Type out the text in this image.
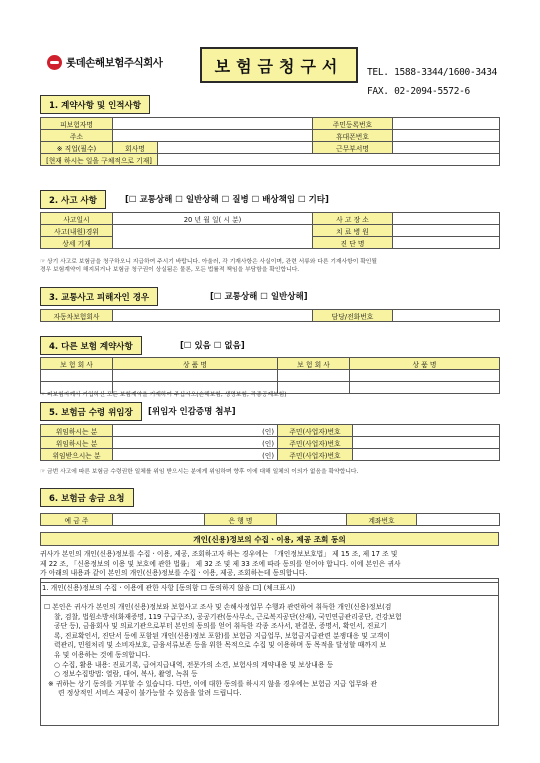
롯데손해보험주식회사	보험금청구서 TEL. 1588-3344/1600-3434
FAX. 02-2094-5572-6
1. 계약사항 및 인적사항
피보험자명			주민등록번호	
주소			휴대폰번호	
※ 직업(필수)	회사명		근무부서명	
[현재 하시는 일을 구체적으로 기재]				
2. 사고 사항	[☐ 교통상해 ☐ 일반상해 ☐ 질병 ☐ 배상책임 ☐ 기타]
사고일시	20 년 월 일( 시 분)	사 고 장 소	
사고(내원)경위		치 료 병 원	
상세 기재		진 단 명	
☞ 상기 사고로 보험금을 청구하오니 지급하여 주시기 바랍니다. 아울러, 각 기재사항은 사실이며, 관련 서류와 다른 기재사항이 확인될
경우 보험계약이 해지되거나 보험금 청구권이 상실됨은 물론, 모든 법률적 책임을 부담함을 확인합니다.
3. 교통사고 피해자인 경우	[☐ 교통상해 ☐ 일반상해]
자동차보험회사		담당/전화번호	
4. 다른 보험 계약사항	[☐ 있음 ☐ 없음]
보 험 회 사	상 품 명	보 험 회 사	상 품 명

☞ 피보험자께서 가입하신 모든 보험계약을 기재하여 주십시오(손해보험, 생명보험, 각종공제보험)
5. 보험금 수령 위임장	[위임자 인감증명 첨부]
위임하시는 분	(인)	주민(사업자)번호	
위임하시는 분	(인)	주민(사업자)번호	
위임받으시는 분	(인)	주민(사업자)번호	
☞ 금번 사고에 따른 보험금 수령권한 일체를 위임 받으시는 분에게 위임하며 향후 이에 대해 일체의 이의가 없음을 확약합니다.
6. 보험금 송금 요청
예 금 주		은 행 명		계좌번호	
개인(신용)정보의 수집ㆍ이용, 제공 조회 동의
귀사가 본인의 개인(신용)정보를 수집ㆍ이용, 제공, 조회하고자 하는 경우에는 「개인정보보호법」 제 15 조, 제 17 조 및
제 22 조, 「신용정보의 이용 및 보호에 관한 법률」 제 32 조 및 제 33 조에 따라 동의를 얻어야 합니다. 이에 본인은 귀사
가 아래의 내용과 같이 본인의 개인(신용)정보를 수집ㆍ이용, 제공, 조회하는데 동의합니다.
1. 개인(신용)정보의 수집ㆍ이용에 관한 사항 [동의함 ☐ 동의하지 않음 ☐] (체크표시)
☐ 본인은 귀사가 본인의 개인(신용)정보와 보험사고 조사 및 손해사정업무 수행과 관련하여 취득한 개인(신용)정보(검
찰, 검찰, 법원소방서(화재증명, 119 구급구조), 공공기관(동사무소, 근로복지공단(산재), 국민연금관리공단, 건강보험
공단 등), 금융회사 및 의료기관으로부터 본인의 동의를 얻어 취득한 각종 조사서, 판결문, 증명서, 확인서, 진료기
록, 진료확인서, 진단서 등에 포함된 개인(신용)정보 포함)를 보험금 지급업무, 보험금지급관련 분쟁대응 및 고객이
력관리, 민원처리 및 소비자보호, 금융서류보존 등을 위한 목적으로 수집 및 이용하며 동 목적을 달성할 때까지 보
유 및 이용하는 것에 동의합니다.
○ 수집, 활용 내용: 진료기록, 급여지급내역, 전문가의 소견, 보험사의 계약내용 및 보상내용 등
○ 정보수집방법: 열람, 대여, 복사, 촬영, 녹취 등
※ 귀하는 상기 동의를 거부할 수 있습니다. 다만, 이에 대한 동의를 하시지 않을 경우에는 보험금 지급 업무와 관
련 정상적인 서비스 제공이 불가능할 수 있음을 알려 드립니다.
